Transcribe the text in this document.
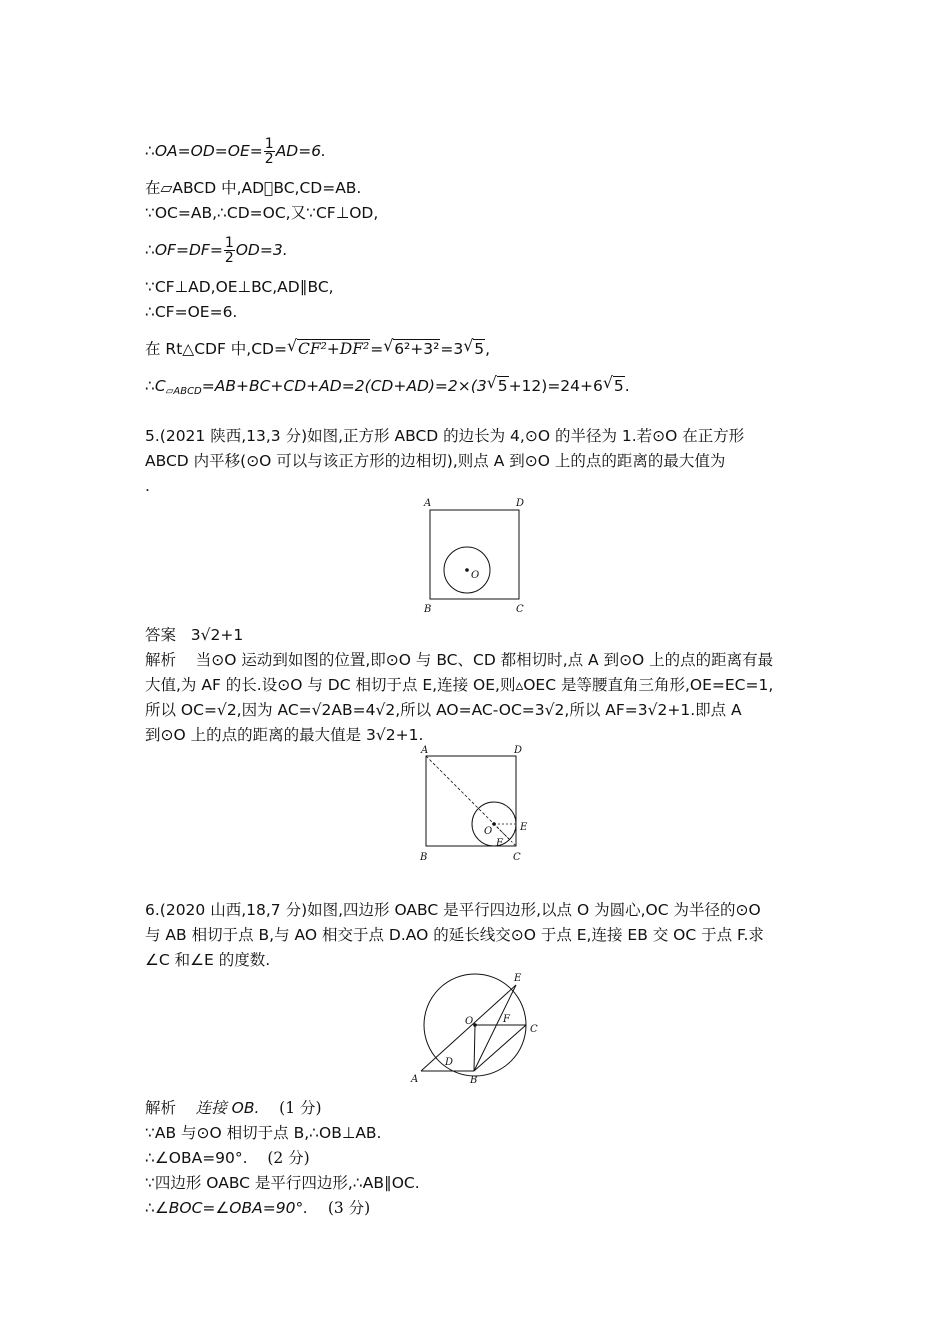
∴OA=OD=OE= $\frac{1}{2} AD=6$.
在▱ABCD 中,AD􀱀BC,CD=AB.
∵OC=AB,∴CD=OC,又∵CF⊥OD,
∴OF=DF= $\frac{1}{2} OD=3$.
∵CF⊥AD,OE⊥BC,AD∥BC,
∴CF=OE=6.
在 Rt△CDF 中,CD= √ CF²+DF²= √ 6²+3²=3 √ 5,
$\therefore C_{▱ABCD}=AB+BC+CD+AD=2(CD+AD)=2\times(3$ √ 5+12)=24+6 √ 5.
5.(2021 陕西,13,3 分)如图,正方形 ABCD 的边长为 4,⊙O 的半径为 1.若⊙O 在正方形
ABCD 内平移(⊙O 可以与该正方形的边相切),则点 A 到⊙O 上的点的距离的最大值为
.
A	D
B	C
O
答案 3√2+1
解析 当⊙O 运动到如图的位置,即⊙O 与 BC、CD 都相切时,点 A 到⊙O 上的点的距离有最
大值,为 AF 的长.设⊙O 与 DC 相切于点 E,连接 OE,则▵OEC 是等腰直角三角形,OE=EC=1,
所以 OC=√2,因为 AC=√2AB=4√2,所以 AO=AC-OC=3√2,所以 AF=3√2+1.即点 A
到⊙O 上的点的距离的最大值是 3√2+1.
A	D
B	C
O	E
F
6.(2020 山西,18,7 分)如图,四边形 OABC 是平行四边形,以点 O 为圆心,OC 为半径的⊙O
与 AB 相切于点 B,与 AO 相交于点 D.AO 的延长线交⊙O 于点 E,连接 EB 交 OC 于点 F.求
∠C 和∠E 的度数.
A	B
C
D
E
F
O
解析 连接 OB. (1 分)
∵AB 与⊙O 相切于点 B,∴OB⊥AB.
∴∠OBA=90°. (2 分)
∵四边形 OABC 是平行四边形,∴AB∥OC.
∴∠BOC=∠OBA=90°. (3 分)
